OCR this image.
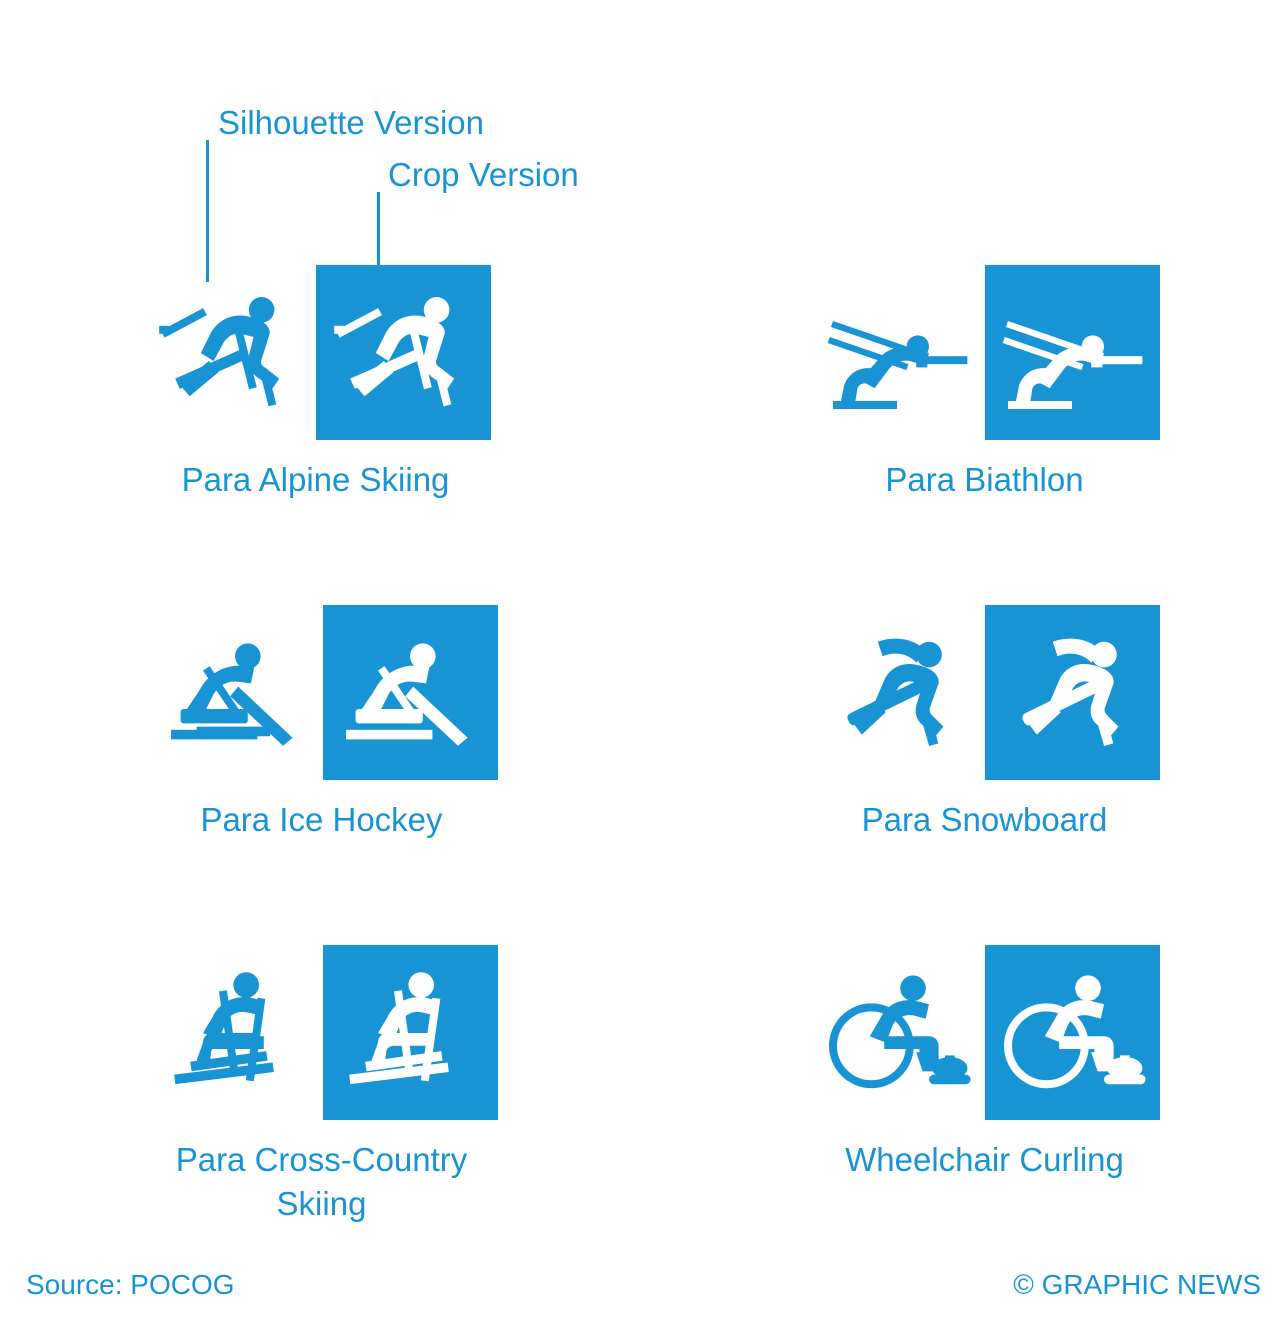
Silhouette Version
Crop Version
Para Alpine Skiing	Para Biathlon
Para Ice Hockey	Para Snowboard
Para Cross-Country
Skiing
Wheelchair Curling
Source: POCOG	© GRAPHIC NEWS
